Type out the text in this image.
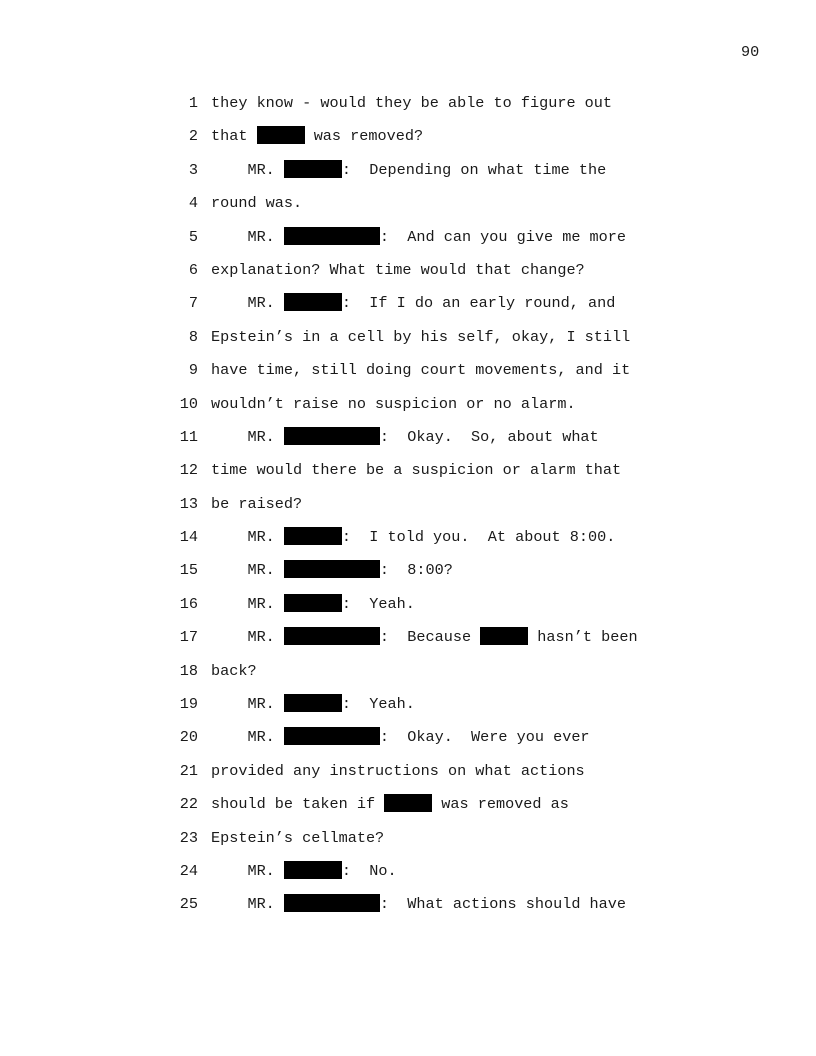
90
1 they know - would they be able to figure out
2 that	was removed?
3 MR.	:  Depending on what time the
4 round was.
5 MR.	:  And can you give me more
6 explanation? What time would that change?
7 MR.	:  If I do an early round, and
8 Epstein’s in a cell by his self, okay, I still
9 have time, still doing court movements, and it
10 wouldn’t raise no suspicion or no alarm.
11 MR.	:  Okay.  So, about what
12 time would there be a suspicion or alarm that
13 be raised?
14 MR.	:  I told you.  At about 8:00.
15 MR.	:  8:00?
16 MR.	:  Yeah.
17 MR.	:  Because	hasn’t been
18 back?
19 MR.	:  Yeah.
20 MR.	:  Okay.  Were you ever
21 provided any instructions on what actions
22 should be taken if	was removed as
23 Epstein’s cellmate?
24 MR.	:  No.
25 MR.	:  What actions should have
